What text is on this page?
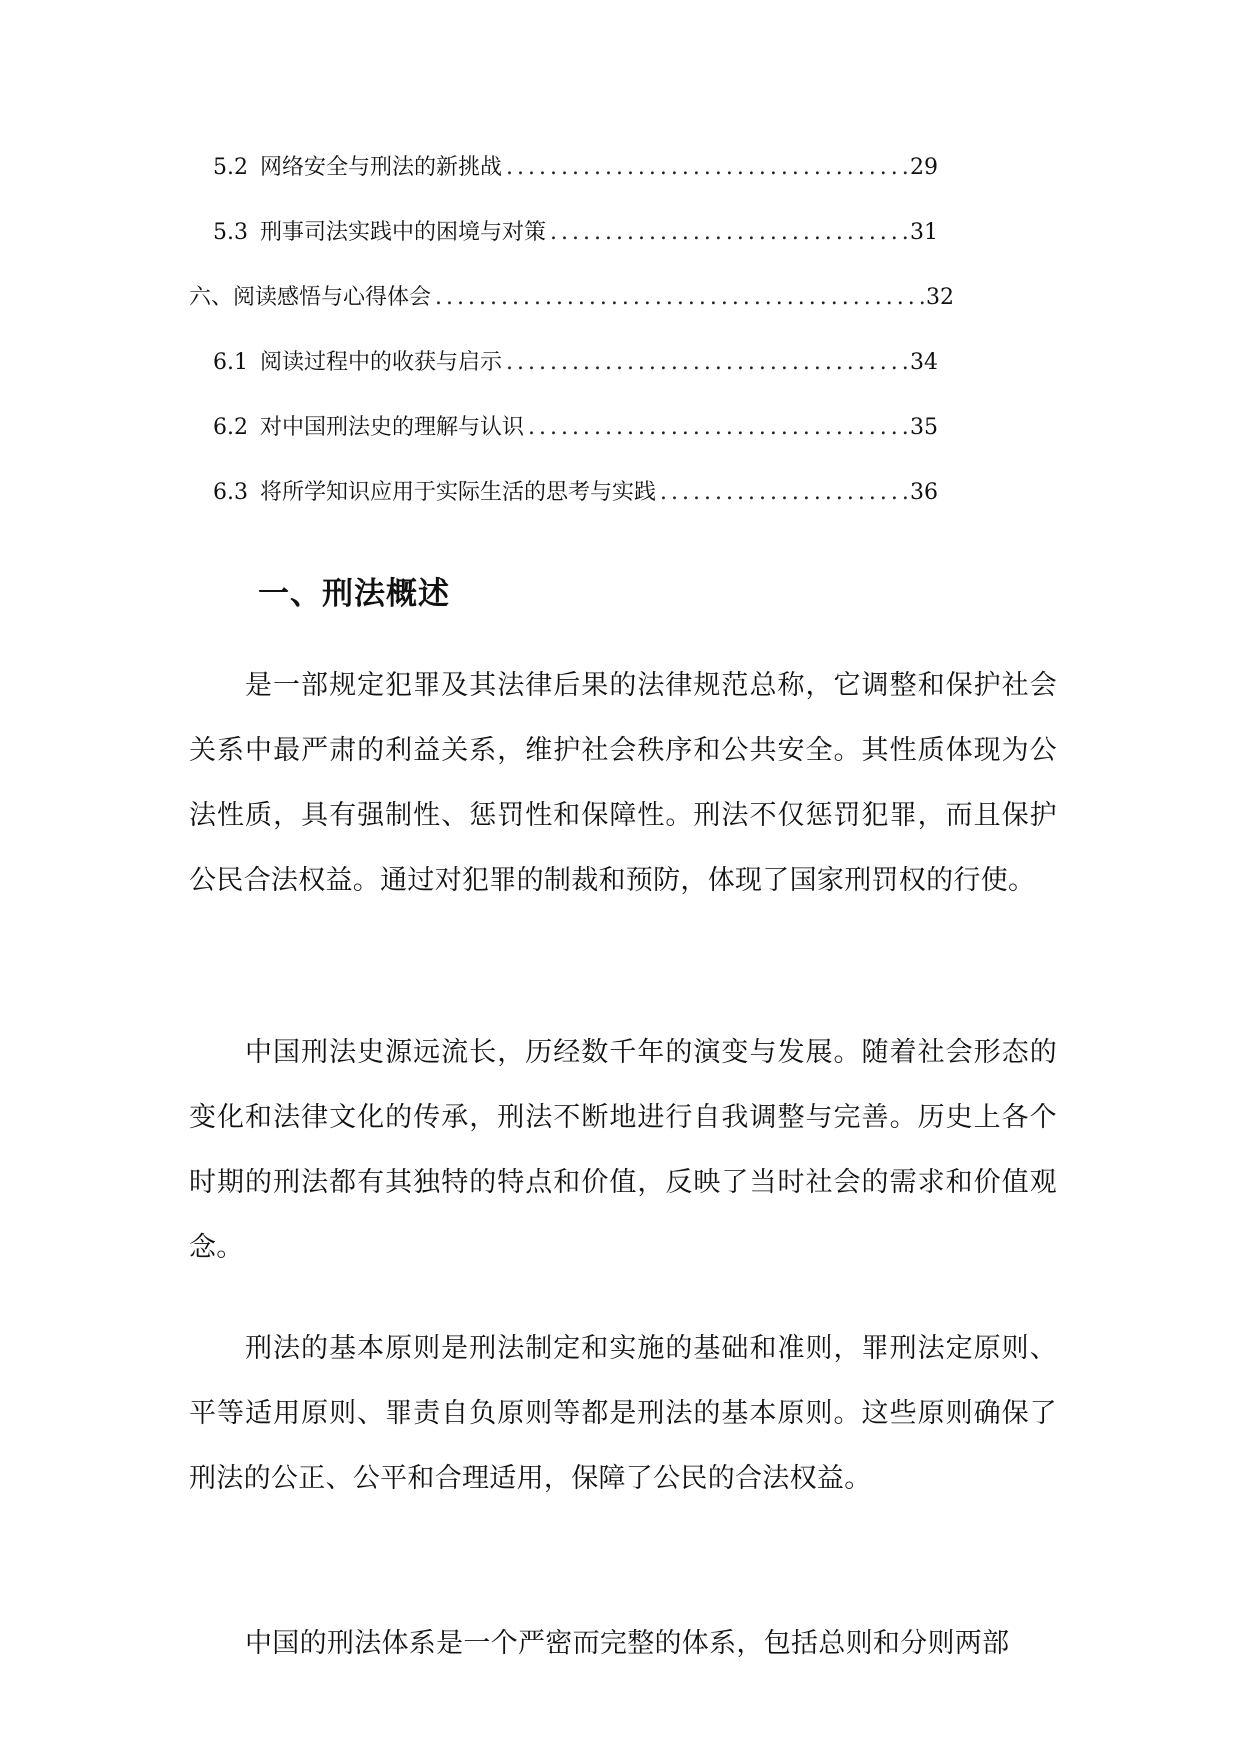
5.2 网络安全与刑法的新挑战 .....	29
5.3 刑事司法实践中的困境与对策 .....	31
六、阅读感悟与心得体会 .....	32
6.1 阅读过程中的收获与启示 .....	34
6.2 对中国刑法史的理解与认识 .....	35
6.3 将所学知识应用于实际生活的思考与实践 .....	36
一、刑法概述

是一部规定犯罪及其法律后果的法律规范总称，它调整和保护社会关系中最严肃的利益关系，维护社会秩序和公共安全。其性质体现为公法性质，具有强制性、惩罚性和保障性。刑法不仅惩罚犯罪，而且保护公民合法权益。通过对犯罪的制裁和预防，体现了国家刑罚权的行使。

中国刑法史源远流长，历经数千年的演变与发展。随着社会形态的变化和法律文化的传承，刑法不断地进行自我调整与完善。历史上各个时期的刑法都有其独特的特点和价值，反映了当时社会的需求和价值观念。

刑法的基本原则是刑法制定和实施的基础和准则，罪刑法定原则、平等适用原则、罪责自负原则等都是刑法的基本原则。这些原则确保了刑法的公正、公平和合理适用，保障了公民的合法权益。

中国的刑法体系是一个严密而完整的体系，包括总则和分则两部
